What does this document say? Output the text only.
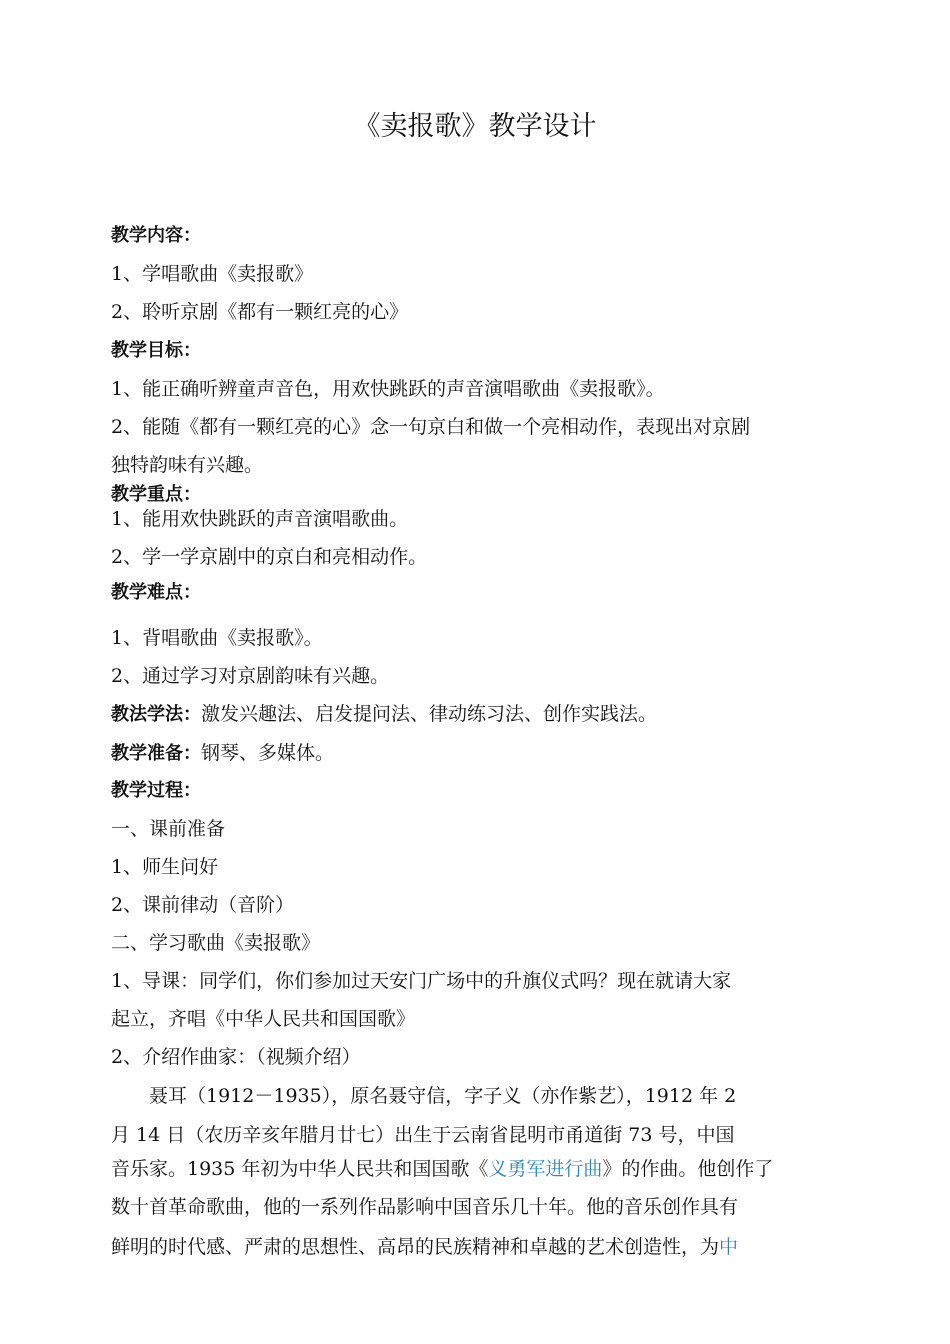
《卖报歌》教学设计
教学内容：
1、学唱歌曲《卖报歌》
2、聆听京剧《都有一颗红亮的心》
教学目标：
1、能正确听辨童声音色，用欢快跳跃的声音演唱歌曲《卖报歌》。
2、能随《都有一颗红亮的心》念一句京白和做一个亮相动作，表现出对京剧
独特韵味有兴趣。
教学重点：
1、能用欢快跳跃的声音演唱歌曲。
2、学一学京剧中的京白和亮相动作。
教学难点：
1、背唱歌曲《卖报歌》。
2、通过学习对京剧韵味有兴趣。
教法学法：激发兴趣法、启发提问法、律动练习法、创作实践法。
教学准备：钢琴、多媒体。
教学过程：
一、课前准备
1、师生问好
2、课前律动（音阶）
二、学习歌曲《卖报歌》
1、导课：同学们，你们参加过天安门广场中的升旗仪式吗？现在就请大家
起立，齐唱《中华人民共和国国歌》
2、介绍作曲家：（视频介绍）
聂耳（1912－1935），原名聂守信，字子义（亦作紫艺），1912 年 2
月 14 日（农历辛亥年腊月廿七）出生于云南省昆明市甬道街 73 号，中国
音乐家。1935 年初为中华人民共和国国歌《义勇军进行曲》的作曲。他创作了
数十首革命歌曲，他的一系列作品影响中国音乐几十年。他的音乐创作具有
鲜明的时代感、严肃的思想性、高昂的民族精神和卓越的艺术创造性，为中
